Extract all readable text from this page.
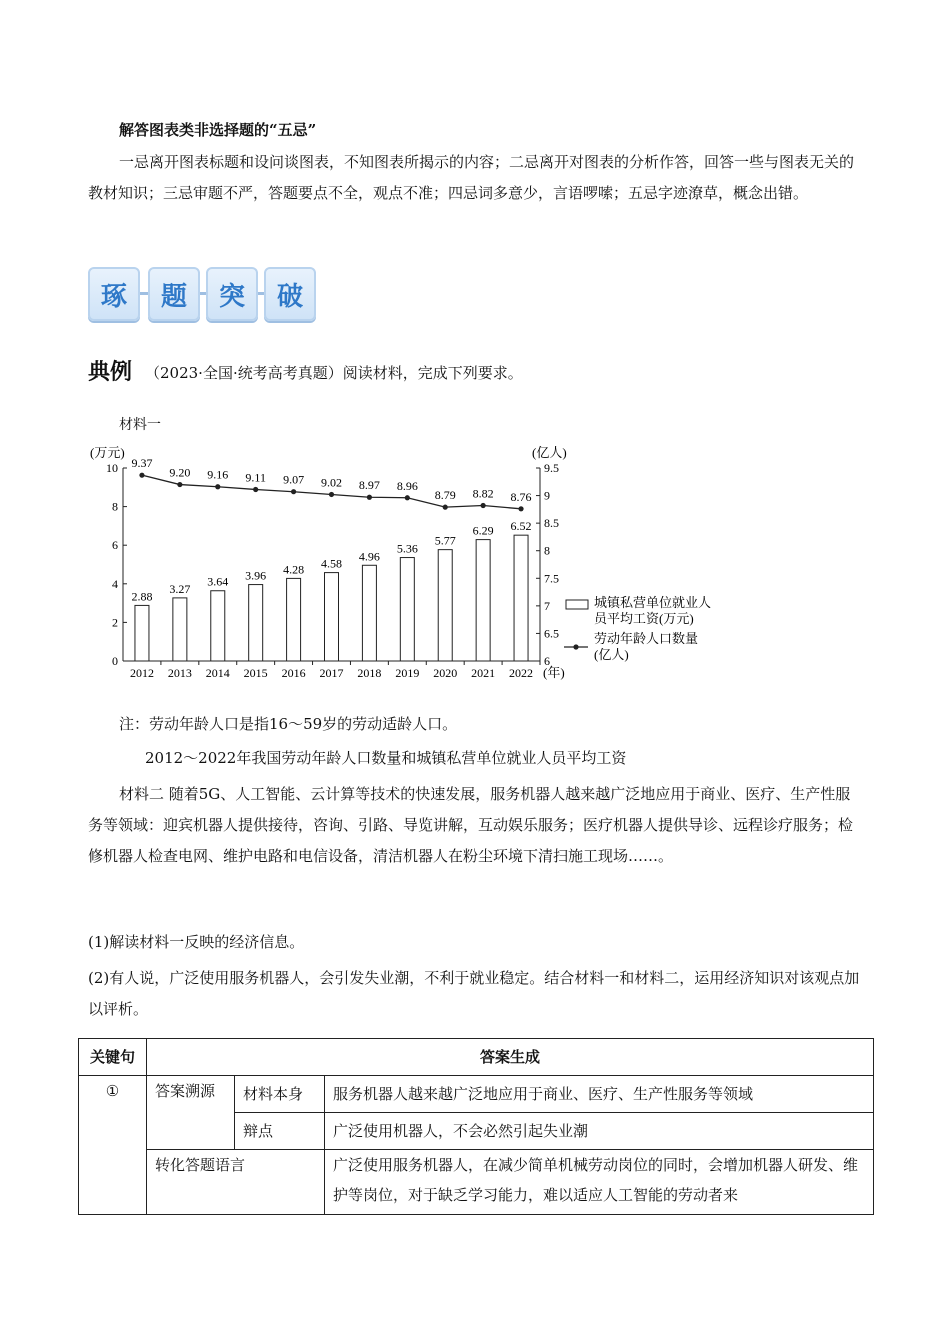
解答图表类非选择题的“五忌”
一忌离开图表标题和设问谈图表，不知图表所揭示的内容；二忌离开对图表的分析作答，回答一些与图表无关的教材知识；三忌审题不严，答题要点不全，观点不准；四忌词多意少，言语啰嗦；五忌字迹潦草，概念出错。
琢	题	突	破
典例 （2023·全国·统考高考真题）阅读材料，完成下列要求。
材料一
(万元)	(亿人)
(年)
0
2
4
6
8
10
6
6.5
7
7.5
8
8.5
9
9.5
2.88
3.27
3.64 3.96 4.28 4.58
4.96
5.36
5.77
6.29 6.52
2012 2013 2014 2015 2016 2017 2018 2019 2020 2021 2022
9.37
9.20 9.16 9.11 9.07 9.02 8.97 8.96
8.79 8.82 8.76
城镇私营单位就业人
员平均工资(万元)
劳动年龄人口数量
(亿人)
注：劳动年龄人口是指16～59岁的劳动适龄人口。
2012～2022年我国劳动年龄人口数量和城镇私营单位就业人员平均工资
材料二 随着5G、人工智能、云计算等技术的快速发展，服务机器人越来越广泛地应用于商业、医疗、生产性服务等领域：迎宾机器人提供接待，咨询、引路、导览讲解，互动娱乐服务；医疗机器人提供导诊、远程诊疗服务；检修机器人检查电网、维护电路和电信设备，清洁机器人在粉尘环境下清扫施工现场……。
(1)解读材料一反映的经济信息。
(2)有人说，广泛使用服务机器人，会引发失业潮，不利于就业稳定。结合材料一和材料二，运用经济知识对该观点加以评析。
关键句	答案生成		
①	答案溯源	材料本身	服务机器人越来越广泛地应用于商业、医疗、生产性服务等领域
		辩点	广泛使用机器人，不会必然引起失业潮
	转化答题语言		广泛使用服务机器人，在减少简单机械劳动岗位的同时，会增加机器人研发、维护等岗位，对于缺乏学习能力，难以适应人工智能的劳动者来
